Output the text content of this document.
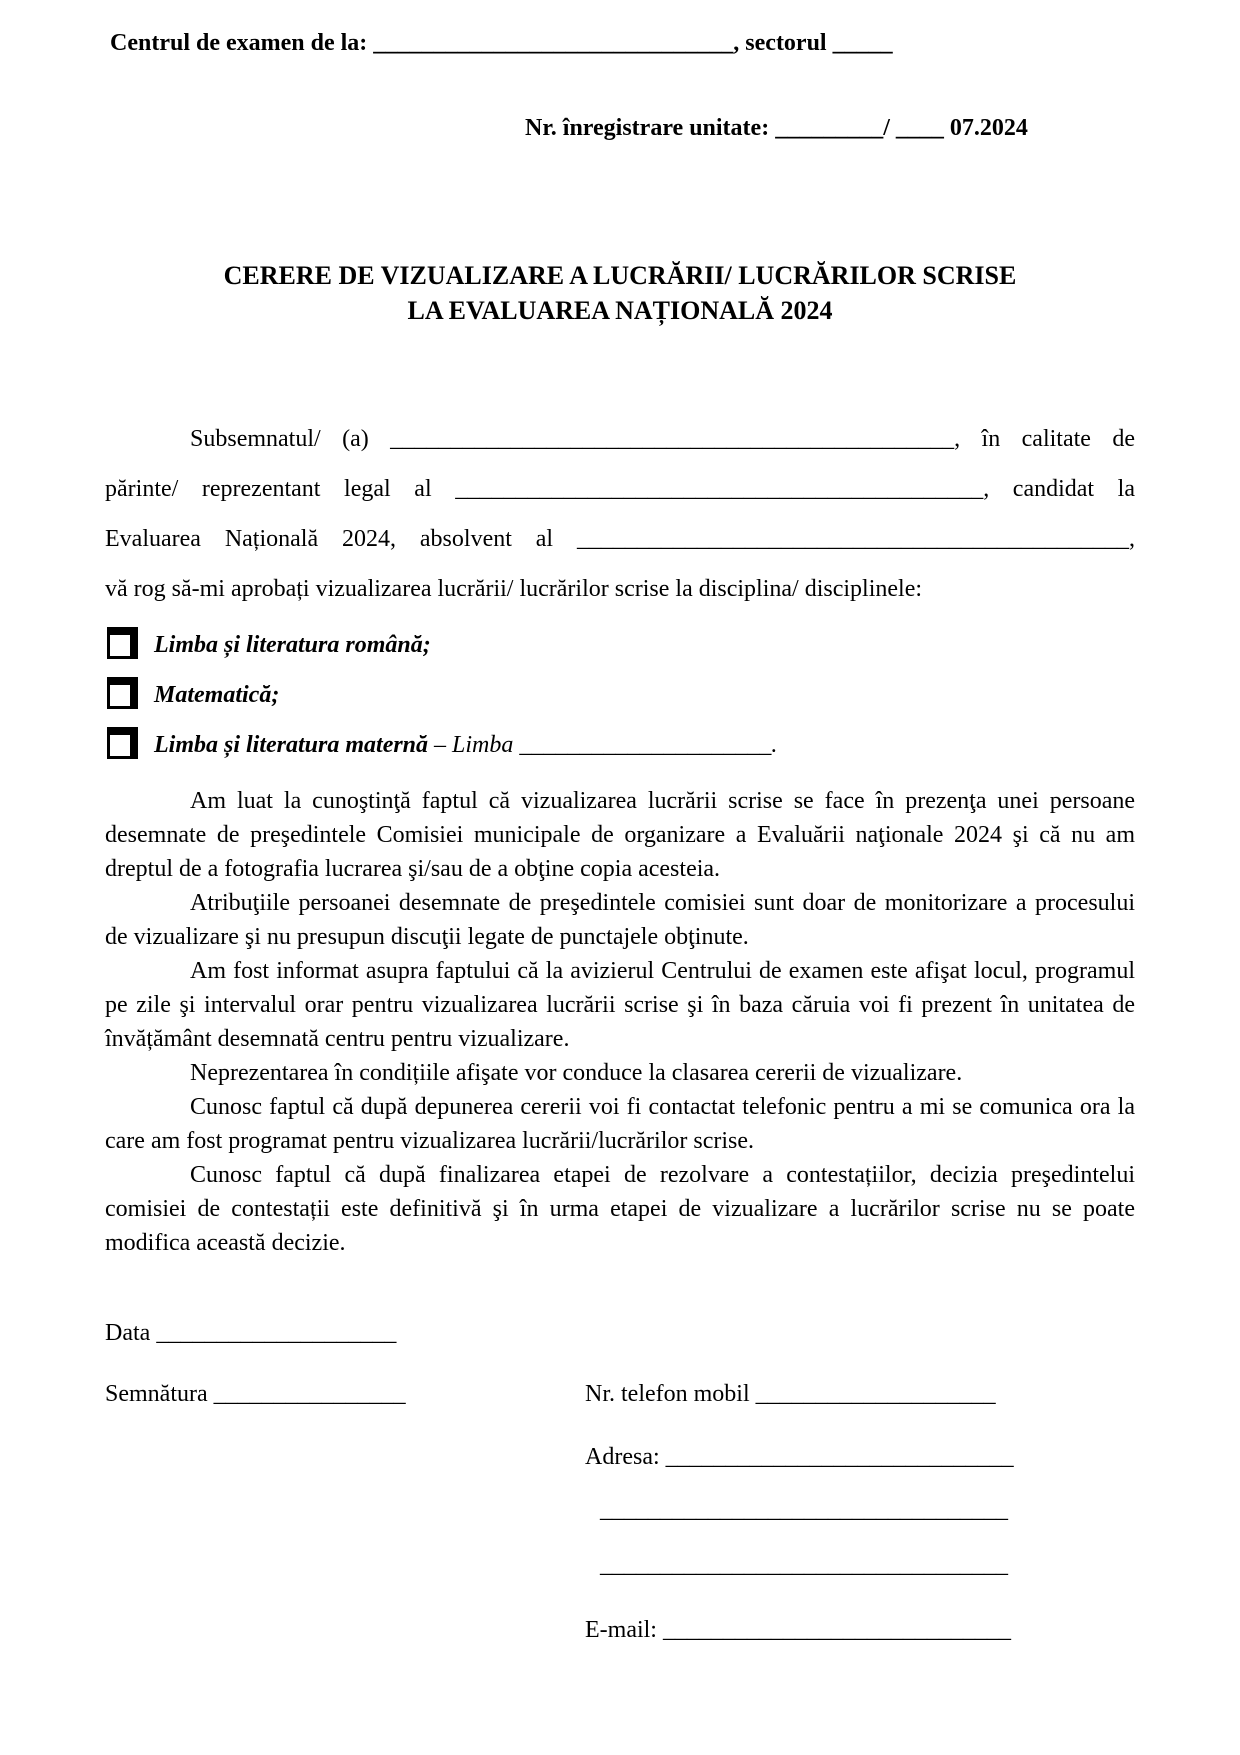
Centrul de examen de la: ______________________________, sectorul _____
Nr. înregistrare unitate: _________/ ____ 07.2024
CERERE DE VIZUALIZARE A LUCRĂRII/ LUCRĂRILOR SCRISE
LA EVALUAREA NAȚIONALĂ 2024
Subsemnatul/ (a) _______________________________________________, în calitate de
părinte/ reprezentant legal al ____________________________________________, candidat la
Evaluarea Națională 2024, absolvent al ______________________________________________,
vă rog să-mi aprobați vizualizarea lucrării/ lucrărilor scrise la disciplina/ disciplinele:
Limba și literatura română;
Matematică;
Limba și literatura maternă – Limba _____________________.

Am luat la cunoştinţă faptul că vizualizarea lucrării scrise se face în prezenţa unei persoane desemnate de preşedintele Comisiei municipale de organizare a Evaluării naţionale 2024 şi că nu am dreptul de a fotografia lucrarea şi/sau de a obţine copia acesteia.

Atribuţiile persoanei desemnate de preşedintele comisiei sunt doar de monitorizare a procesului de vizualizare şi nu presupun discuţii legate de punctajele obţinute.

Am fost informat asupra faptului că la avizierul Centrului de examen este afişat locul, programul pe zile şi intervalul orar pentru vizualizarea lucrării scrise şi în baza căruia voi fi prezent în unitatea de învățământ desemnată centru pentru vizualizare.

Neprezentarea în condițiile afişate vor conduce la clasarea cererii de vizualizare.

Cunosc faptul că după depunerea cererii voi fi contactat telefonic pentru a mi se comunica ora la care am fost programat pentru vizualizarea lucrării/lucrărilor scrise.

Cunosc faptul că după finalizarea etapei de rezolvare a contestațiilor, decizia preşedintelui comisiei de contestații este definitivă şi în urma etapei de vizualizare a lucrărilor scrise nu se poate modifica această decizie.

Data ____________________
Semnătura ________________	Nr. telefon mobil ____________________
Adresa: _____________________________
__________________________________
__________________________________
E-mail: _____________________________
